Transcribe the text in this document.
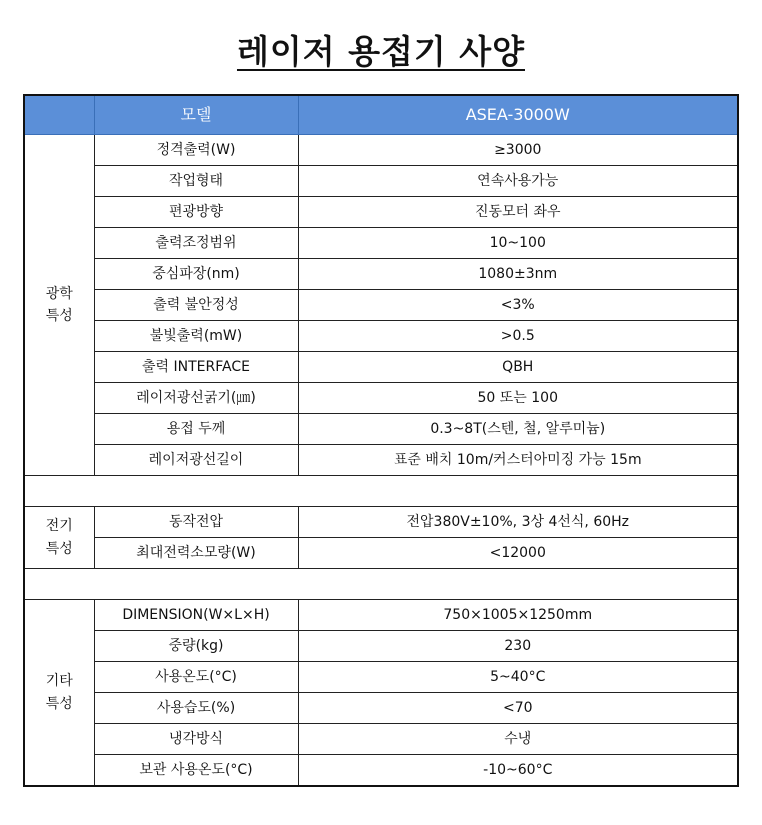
레이저 용접기 사양
	모델	ASEA-3000W
광학
특성	정격출력(W)	≥3000
	작업형태	연속사용가능
	편광방향	진동모터 좌우
	출력조정범위	10~100
	중심파장(nm)	1080±3nm
	출력 불안정성	<3%
	불빛출력(mW)	>0.5
	출력 INTERFACE	QBH
	레이저광선굵기(㎛)	50 또는 100
	용접 두께	0.3~8T(스텐, 철, 알루미늄)
	레이저광선길이	표준 배치 10m/커스터아미징 가능 15m

전기
특성	동작전압	전압380V±10%, 3상 4선식, 60Hz
	최대전력소모량(W)	<12000

기타
특성	DIMENSION(W×L×H)	750×1005×1250mm
	중량(kg)	230
	사용온도(°C)	5~40°C
	사용습도(%)	<70
	냉각방식	수냉
	보관 사용온도(°C)	-10~60°C
